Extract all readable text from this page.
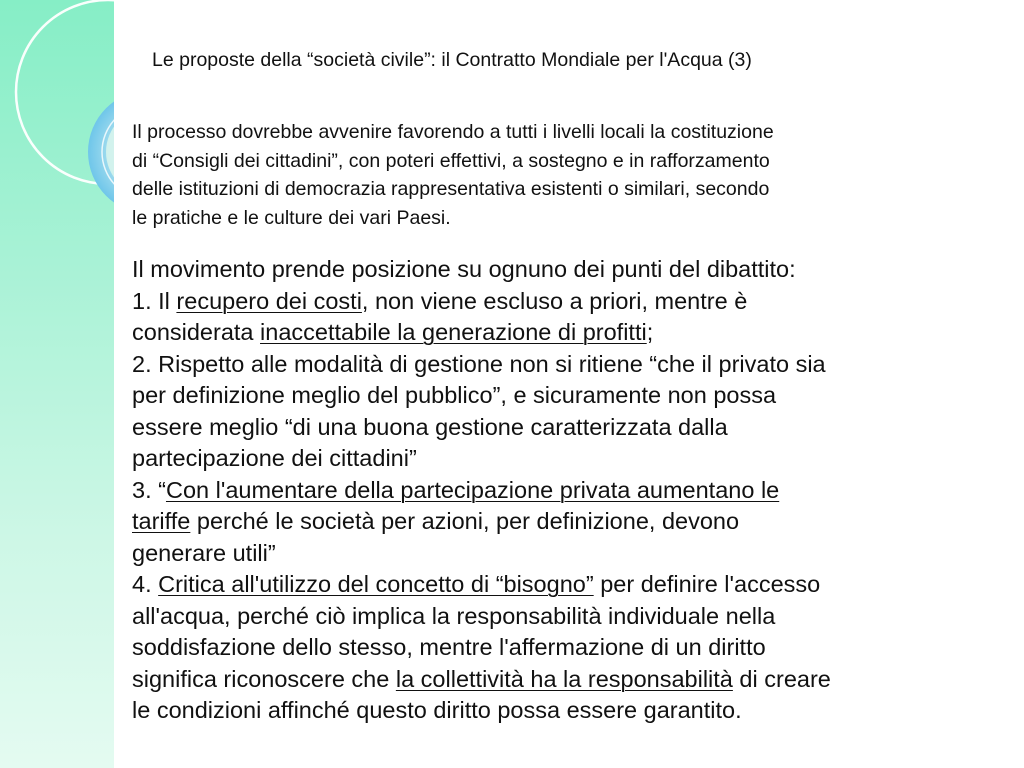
Le proposte della “società civile”: il Contratto Mondiale per l'Acqua (3)
Il processo dovrebbe avvenire favorendo a tutti i livelli locali la costituzione
di “Consigli dei cittadini”, con poteri effettivi, a sostegno e in rafforzamento
delle istituzioni di democrazia rappresentativa esistenti o similari, secondo
le pratiche e le culture dei vari Paesi.
Il movimento prende posizione su ognuno dei punti del dibattito:
1. Il recupero dei costi, non viene escluso a priori, mentre è
considerata inaccettabile la generazione di profitti;
2. Rispetto alle modalità di gestione non si ritiene “che il privato sia
per definizione meglio del pubblico”, e sicuramente non possa
essere meglio “di una buona gestione caratterizzata dalla
partecipazione dei cittadini”
3. “Con l'aumentare della partecipazione privata aumentano le
tariffe perché le società per azioni, per definizione, devono
generare utili”
4. Critica all'utilizzo del concetto di “bisogno” per definire l'accesso
all'acqua, perché ciò implica la responsabilità individuale nella
soddisfazione dello stesso, mentre l'affermazione di un diritto
significa riconoscere che la collettività ha la responsabilità di creare
le condizioni affinché questo diritto possa essere garantito.
